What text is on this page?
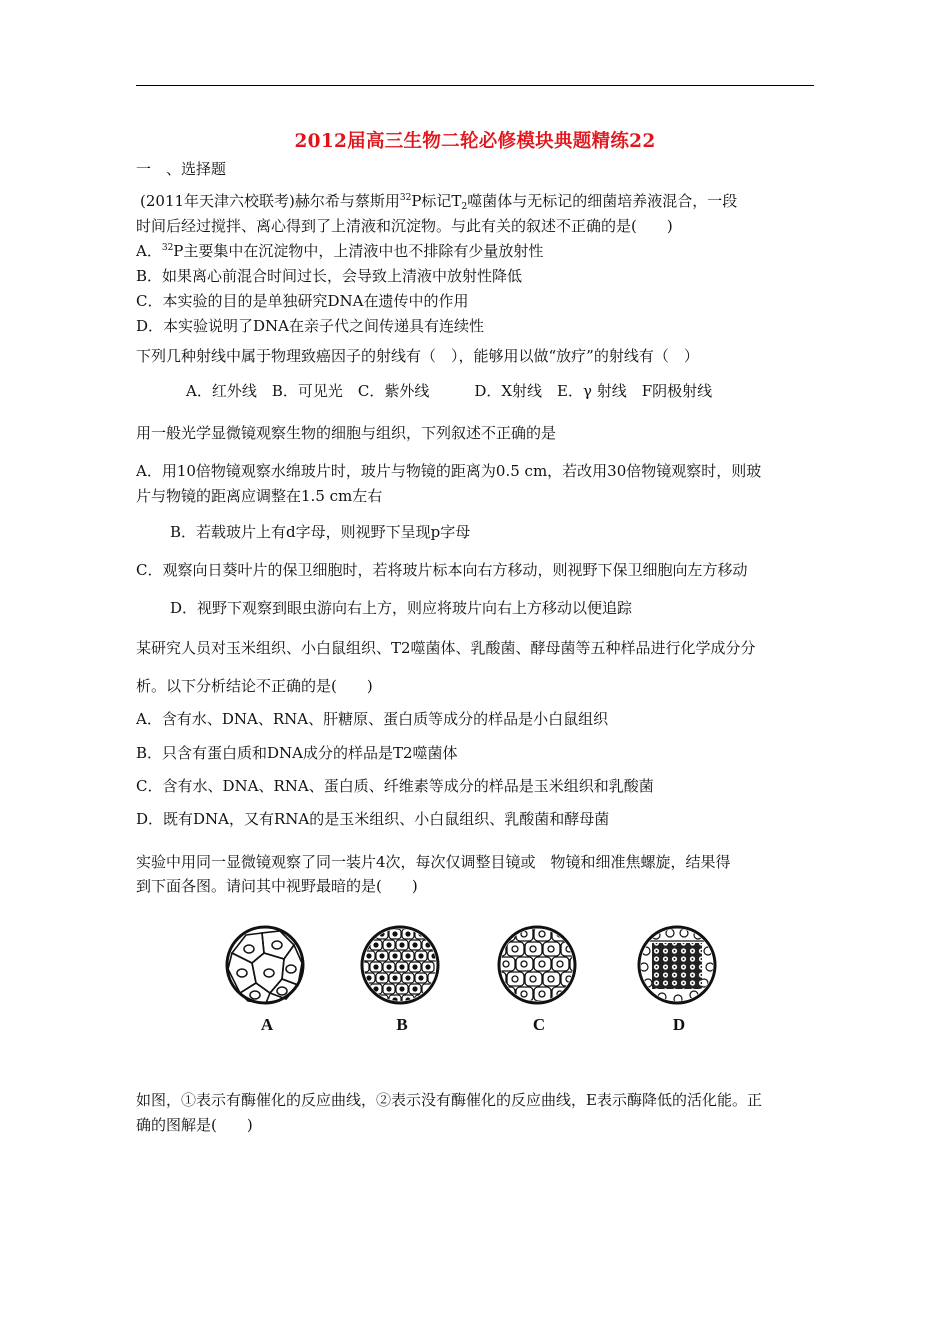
2012届高三生物二轮必修模块典题精练22
一　、选择题
(2011年天津六校联考)赫尔希与蔡斯用$^{32}$P标记$T_2$噬菌体与无标记的细菌培养液混合，一段
时间后经过搅拌、离心得到了上清液和沉淀物。与此有关的叙述不正确的是(　　)
A．$^{32}$P主要集中在沉淀物中，上清液中也不排除有少量放射性
B．如果离心前混合时间过长，会导致上清液中放射性降低
C．本实验的目的是单独研究DNA在遗传中的作用
D．本实验说明了DNA在亲子代之间传递具有连续性
下列几种射线中属于物理致癌因子的射线有（　），能够用以做“放疗”的射线有（　）
A．红外线　B．可见光　C．紫外线　　　D．X射线　E．γ 射线　F阴极射线
用一般光学显微镜观察生物的细胞与组织，下列叙述不正确的是
A．用10倍物镜观察水绵玻片时，玻片与物镜的距离为0.5 cm，若改用30倍物镜观察时，则玻
片与物镜的距离应调整在1.5 cm左右
B．若载玻片上有d字母，则视野下呈现p字母
C．观察向日葵叶片的保卫细胞时，若将玻片标本向右方移动，则视野下保卫细胞向左方移动
D．视野下观察到眼虫游向右上方，则应将玻片向右上方移动以便追踪
某研究人员对玉米组织、小白鼠组织、T2噬菌体、乳酸菌、酵母菌等五种样品进行化学成分分
析。以下分析结论不正确的是(　　)
A．含有水、DNA、RNA、肝糖原、蛋白质等成分的样品是小白鼠组织
B．只含有蛋白质和DNA成分的样品是T2噬菌体
C．含有水、DNA、RNA、蛋白质、纤维素等成分的样品是玉米组织和乳酸菌
D．既有DNA，又有RNA的是玉米组织、小白鼠组织、乳酸菌和酵母菌
实验中用同一显微镜观察了同一装片4次，每次仅调整目镜或　物镜和细准焦螺旋，结果得
到下面各图。请问其中视野最暗的是(　　)
A	B	C	D
如图，①表示有酶催化的反应曲线，②表示没有酶催化的反应曲线，E表示酶降低的活化能。正
确的图解是(　　)
